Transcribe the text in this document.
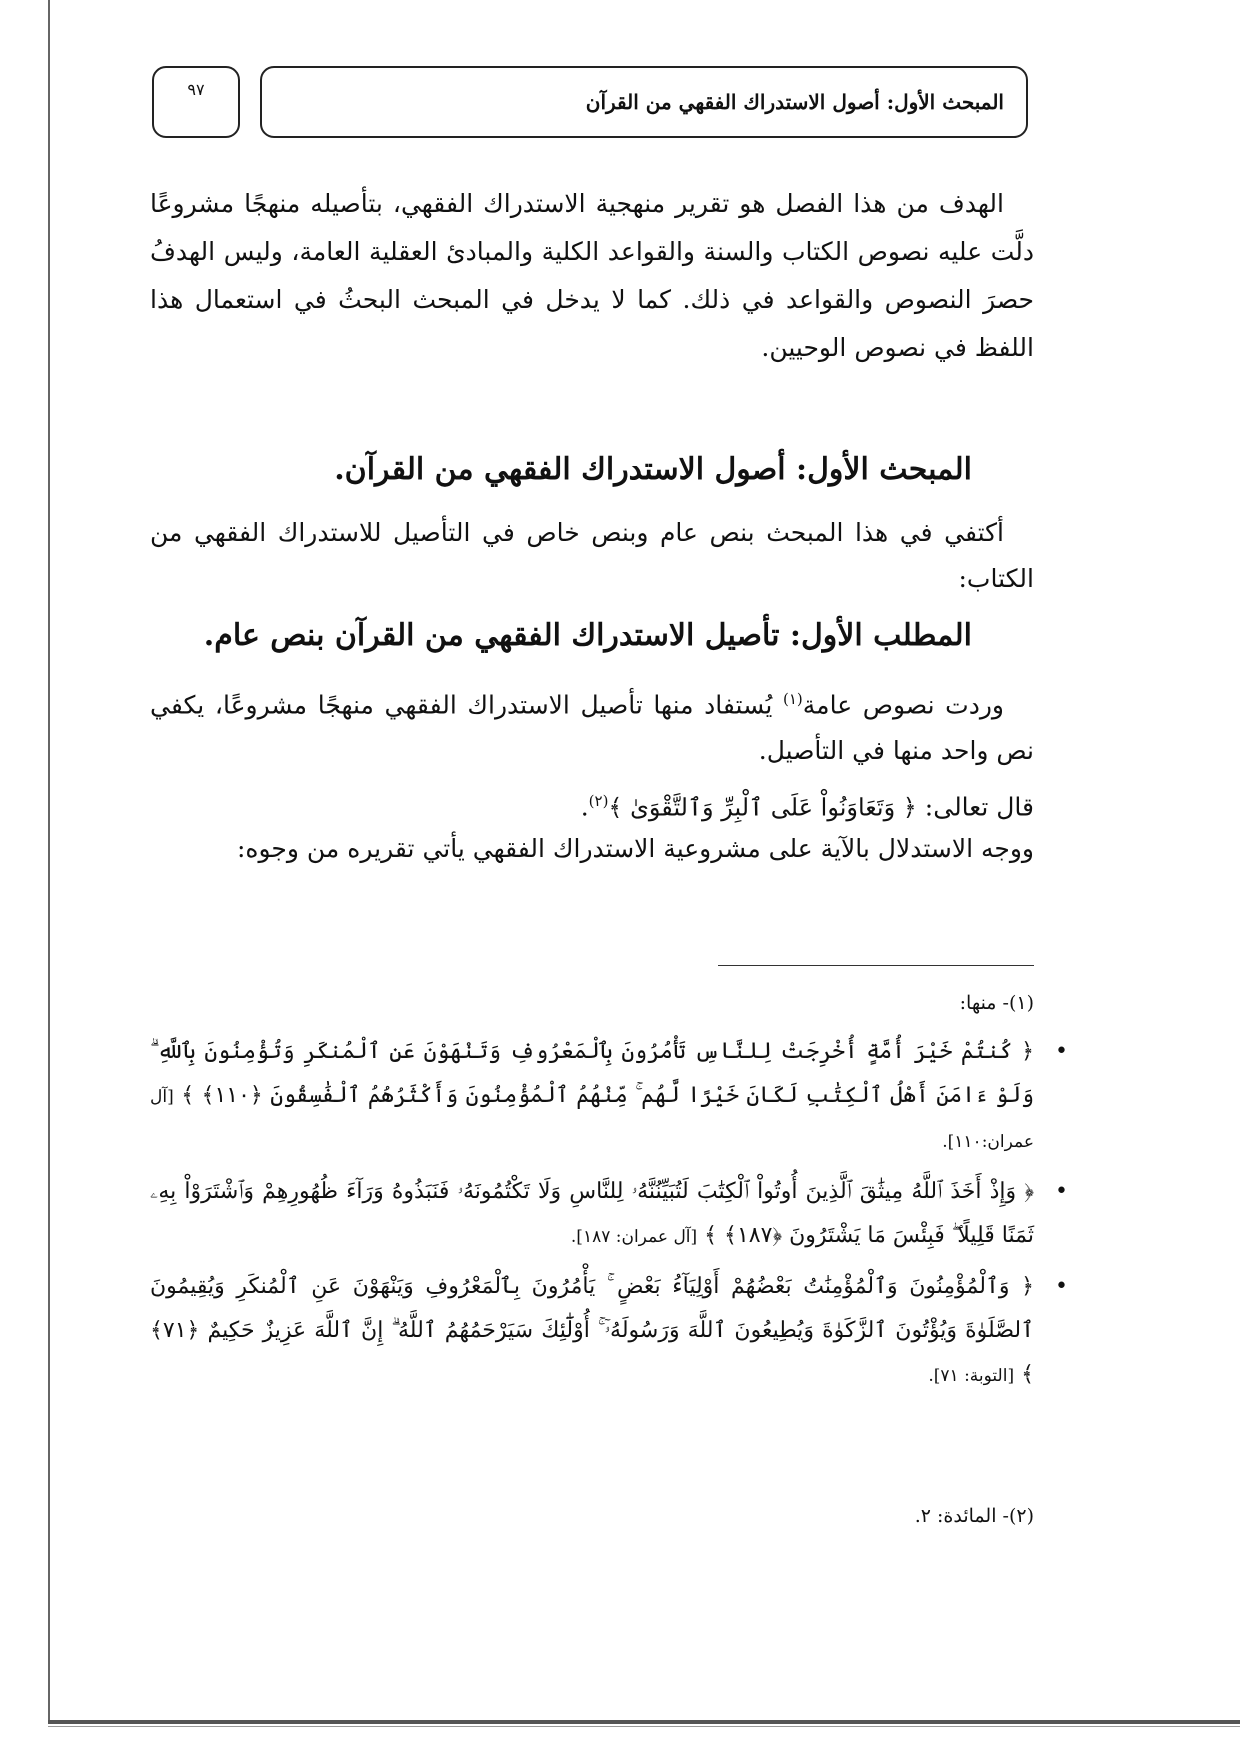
المبحث الأول: أصول الاستدراك الفقهي من القرآن
٩٧

الهدف من هذا الفصل هو تقرير منهجية الاستدراك الفقهي، بتأصيله منهجًا مشروعًا دلَّت عليه نصوص الكتاب والسنة والقواعد الكلية والمبادئ العقلية العامة، وليس الهدفُ حصرَ النصوص والقواعد في ذلك. كما لا يدخل في المبحث البحثُ في استعمال هذا اللفظ في نصوص الوحيين.

المبحث الأول: أصول الاستدراك الفقهي من القرآن.

أكتفي في هذا المبحث بنص عام وبنص خاص في التأصيل للاستدراك الفقهي من الكتاب:

المطلب الأول: تأصيل الاستدراك الفقهي من القرآن بنص عام.

وردت نصوص عامة$^{(١)}$ يُستفاد منها تأصيل الاستدراك الفقهي منهجًا مشروعًا، يكفي نص واحد منها في التأصيل.

قال تعالى: ﴿ وَتَعَاوَنُواْ عَلَى ٱلْبِرِّ وَٱلتَّقْوَىٰ ﴾$^{(٢)}$.

ووجه الاستدلال بالآية على مشروعية الاستدراك الفقهي يأتي تقريره من وجوه:

(١)- منها:

• ﴿ كُنتُمْ خَيْرَ أُمَّةٍ أُخْرِجَتْ لِلنَّاسِ تَأْمُرُونَ بِٱلْمَعْرُوفِ وَتَنْهَوْنَ عَنِ ٱلْمُنكَرِ وَتُؤْمِنُونَ بِٱللَّهِ ۗ وَلَوْ ءَامَنَ أَهْلُ ٱلْكِتَٰبِ لَكَانَ خَيْرًا لَّهُم ۚ مِّنْهُمُ ٱلْمُؤْمِنُونَ وَأَكْثَرُهُمُ ٱلْفَٰسِقُونَ ﴿١١٠﴾ ﴾ [آل عمران:١١٠].
• ﴿ وَإِذْ أَخَذَ ٱللَّهُ مِيثَٰقَ ٱلَّذِينَ أُوتُواْ ٱلْكِتَٰبَ لَتُبَيِّنُنَّهُۥ لِلنَّاسِ وَلَا تَكْتُمُونَهُۥ فَنَبَذُوهُ وَرَآءَ ظُهُورِهِمْ وَٱشْتَرَوْاْ بِهِۦ ثَمَنًا قَلِيلًا ۖ فَبِئْسَ مَا يَشْتَرُونَ ﴿١٨٧﴾ ﴾ [آل عمران: ١٨٧].
• ﴿ وَٱلْمُؤْمِنُونَ وَٱلْمُؤْمِنَٰتُ بَعْضُهُمْ أَوْلِيَآءُ بَعْضٍ ۚ يَأْمُرُونَ بِٱلْمَعْرُوفِ وَيَنْهَوْنَ عَنِ ٱلْمُنكَرِ وَيُقِيمُونَ ٱلصَّلَوٰةَ وَيُؤْتُونَ ٱلزَّكَوٰةَ وَيُطِيعُونَ ٱللَّهَ وَرَسُولَهُۥٓ ۚ أُوْلَٰٓئِكَ سَيَرْحَمُهُمُ ٱللَّهُ ۗ إِنَّ ٱللَّهَ عَزِيزٌ حَكِيمٌ ﴿٧١﴾ ﴾ [التوبة: ٧١].

(٢)- المائدة: ٢.
